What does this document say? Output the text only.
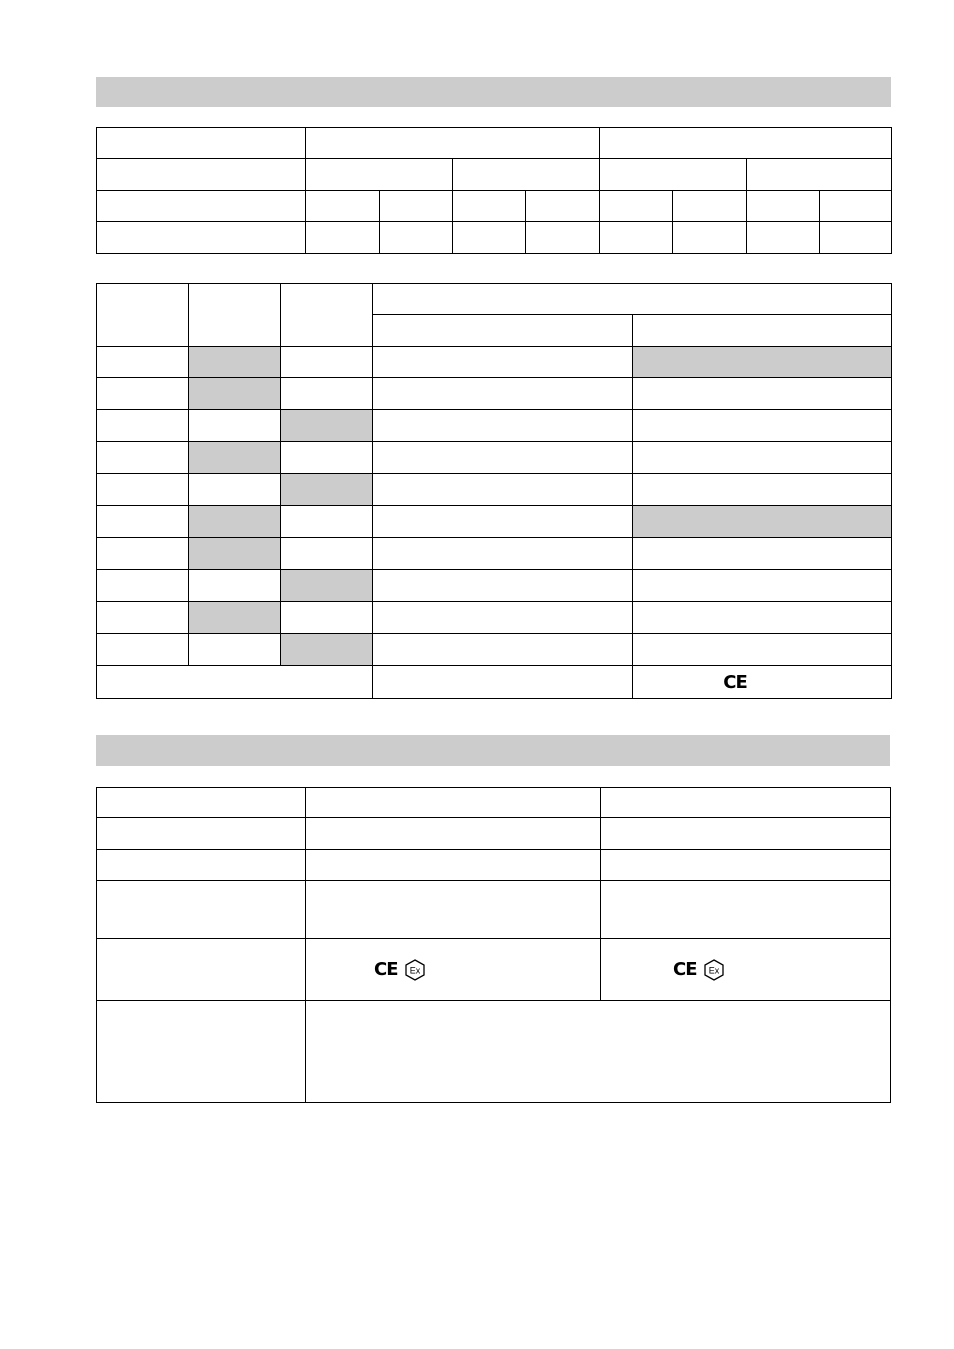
				CE

	CE Ex	CE Ex
